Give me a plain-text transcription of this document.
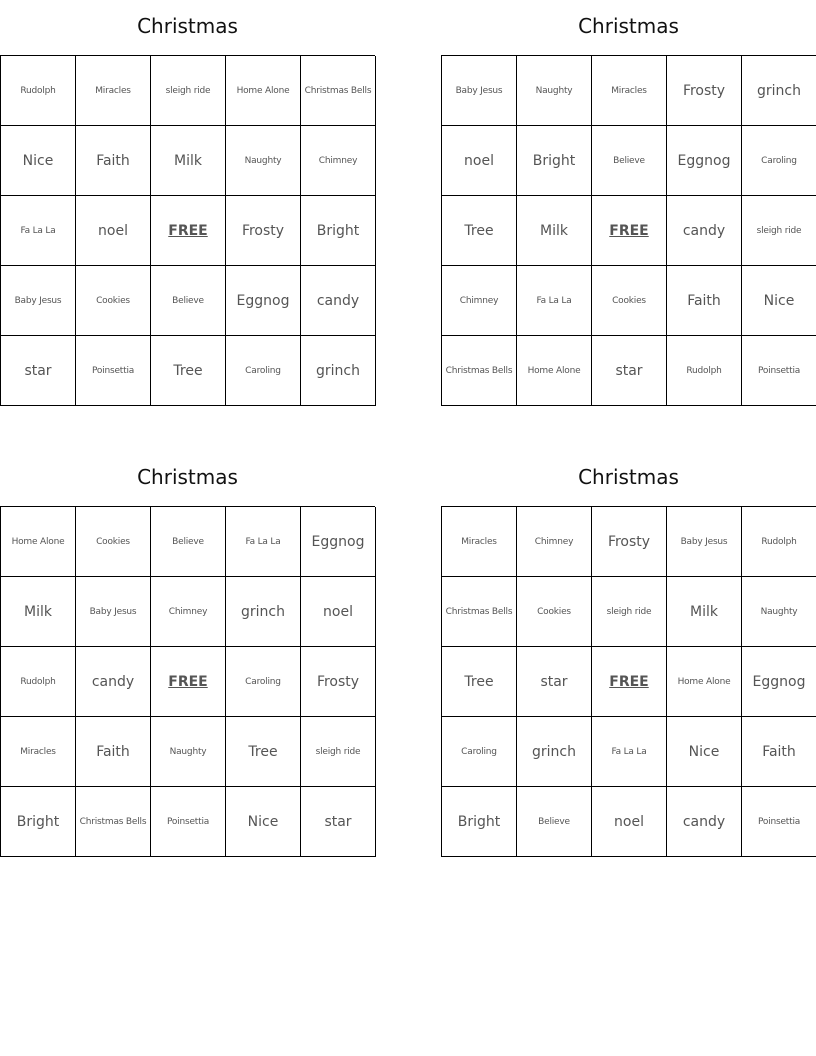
Christmas
Rudolph	Miracles	sleigh ride	Home Alone	Christmas Bells
Nice	Faith	Milk	Naughty	Chimney
Fa La La	noel	FREE	Frosty	Bright
Baby Jesus	Cookies	Believe	Eggnog	candy
star	Poinsettia	Tree	Caroling	grinch
Christmas
Baby Jesus	Naughty	Miracles	Frosty	grinch
noel	Bright	Believe	Eggnog	Caroling
Tree	Milk	FREE	candy	sleigh ride
Chimney	Fa La La	Cookies	Faith	Nice
Christmas Bells	Home Alone	star	Rudolph	Poinsettia
Christmas
Home Alone	Cookies	Believe	Fa La La	Eggnog
Milk	Baby Jesus	Chimney	grinch	noel
Rudolph	candy	FREE	Caroling	Frosty
Miracles	Faith	Naughty	Tree	sleigh ride
Bright	Christmas Bells	Poinsettia	Nice	star
Christmas
Miracles	Chimney	Frosty	Baby Jesus	Rudolph
Christmas Bells	Cookies	sleigh ride	Milk	Naughty
Tree	star	FREE	Home Alone	Eggnog
Caroling	grinch	Fa La La	Nice	Faith
Bright	Believe	noel	candy	Poinsettia
